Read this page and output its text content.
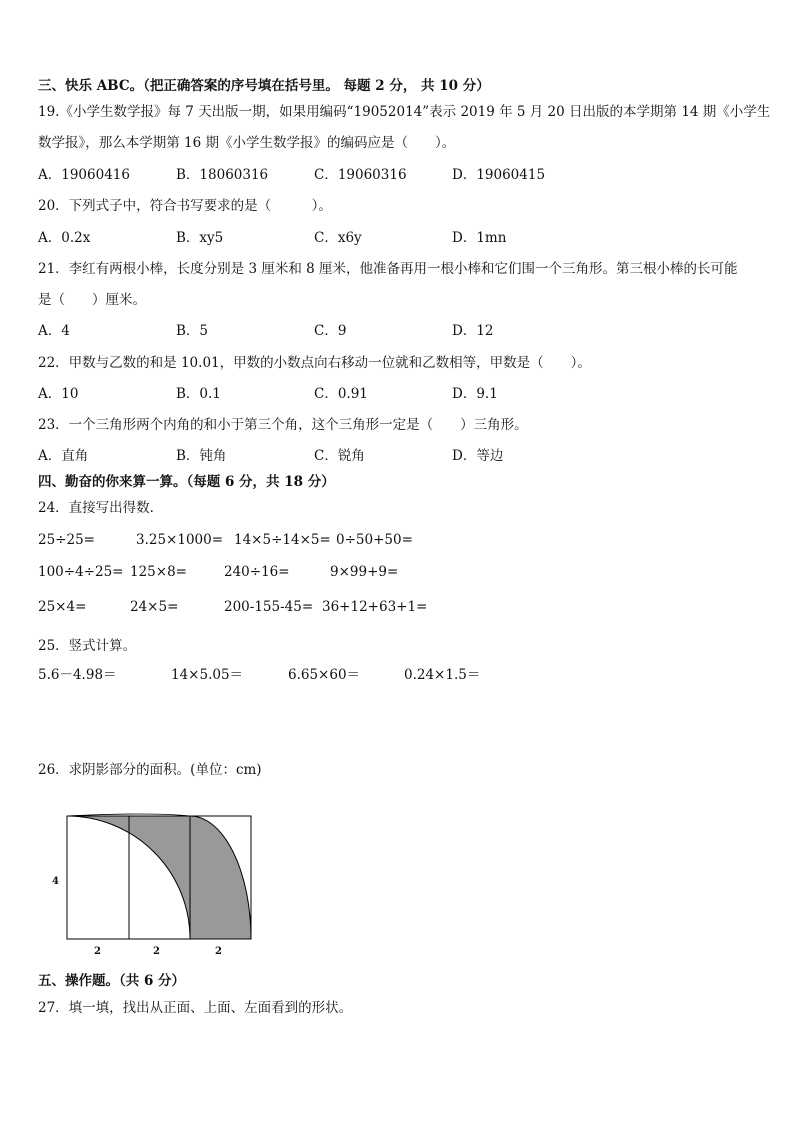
三、快乐 ABC。（把正确答案的序号填在括号里。 每题 2 分， 共 10 分）
19.《小学生数学报》每 7 天出版一期，如果用编码“19052014”表示 2019 年 5 月 20 日出版的本学期第 14 期《小学生
数学报》，那么本学期第 16 期《小学生数学报》的编码应是（　　）。
A．19060416	B．18060316	C．19060316	D．19060415
20．下列式子中，符合书写要求的是（　　　）。
A．0.2x	B．xy5	C．x6y	D．1mn
21．李红有两根小棒，长度分别是 3 厘米和 8 厘米，他准备再用一根小棒和它们围一个三角形。第三根小棒的长可能
是（　　）厘米。
A．4	B．5	C．9	D．12
22．甲数与乙数的和是 10.01，甲数的小数点向右移动一位就和乙数相等，甲数是（　　）。
A．10	B．0.1	C．0.91	D．9.1
23．一个三角形两个内角的和小于第三个角，这个三角形一定是（　　）三角形。
A．直角	B．钝角	C．锐角	D．等边
四、勤奋的你来算一算。（每题 6 分，共 18 分）
24．直接写出得数．
25÷25=	3.25×1000= 14×5÷14×5= 0÷50+50=
100÷4÷25= 125×8=	240÷16=	9×99+9=
25×4=	24×5=	200-155-45= 36+12+63+1=
25．竖式计算。
5.6－4.98＝	14×5.05＝	6.65×60＝	0.24×1.5＝
26．求阴影部分的面积。(单位：cm)
4
2	2	2
五、操作题。（共 6 分）
27．填一填，找出从正面、上面、左面看到的形状。
